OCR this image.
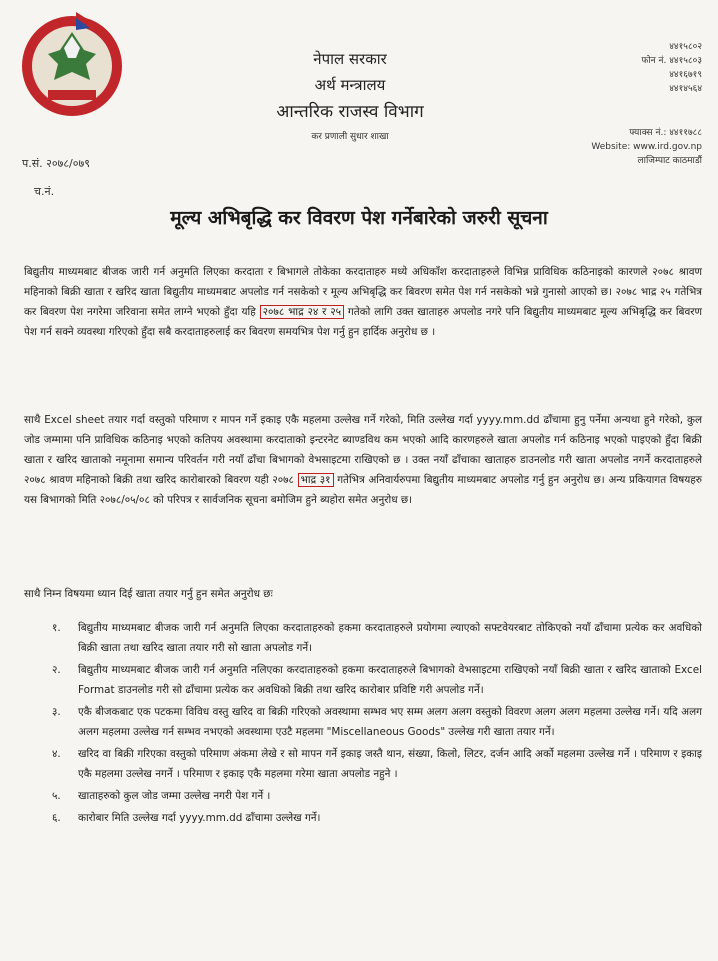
नेपाल सरकार
अर्थ मन्त्रालय
आन्तरिक राजस्व विभाग
कर प्रणाली सुधार शाखा
४४१५८०२
फोन नं. ४४१५८०३
४४१६७१९
४४१४५६४
फ्याक्स नं.: ४४११७८८
Website: www.ird.gov.np
लाजिम्पाट काठमाडौं
प.सं. २०७८/०७९
च.नं.
मूल्य अभिबृद्धि कर विवरण पेश गर्नेबारेको जरुरी सूचना
बिद्युतीय माध्यमबाट बीजक जारी गर्न अनुमति लिएका करदाता र बिभागले तोकेका करदाताहरु मध्ये अधिकाँश करदाताहरुले विभिन्न प्राविधिक कठिनाइको कारणले २०७८ श्रावण महिनाको बिक्री खाता र खरिद खाता बिद्युतीय माध्यमबाट अपलोड गर्न नसकेको र मूल्य अभिबृद्धि कर बिवरण समेत पेश गर्न नसकेको भन्ने गुनासो आएको छ। २०७८ भाद्र २५ गतेभित्र कर बिवरण पेश नगरेमा जरिवाना समेत लाग्ने भएको हुँदा यहि २०७८ भाद्र २४ र २५ गतेको लागि उक्त खाताहरु अपलोड नगरे पनि बिद्युतीय माध्यमबाट मूल्य अभिबृद्धि कर बिवरण पेश गर्न सक्ने व्यवस्था गरिएको हुँदा सबै करदाताहरुलाई कर बिवरण समयभित्र पेश गर्नु हुन हार्दिक अनुरोध छ ।
साथै Excel sheet तयार गर्दा वस्तुको परिमाण र मापन गर्ने इकाइ एकै महलमा उल्लेख गर्ने गरेको, मिति उल्लेख गर्दा yyyy.mm.dd ढाँचामा हुनु पर्नेमा अन्यथा हुने गरेको, कुल जोड जम्मामा पनि प्राविधिक कठिनाइ भएको कतिपय अवस्थामा करदाताको इन्टरनेट ब्याण्डविथ कम भएको आदि कारणहरुले खाता अपलोड गर्न कठिनाइ भएको पाइएको हुँदा बिक्री खाता र खरिद खाताको नमूनामा समान्य परिवर्तन गरी नयाँ ढाँचा बिभागको वेभसाइटमा राखिएको छ । उक्त नयाँ ढाँचाका खाताहरु डाउनलोड गरी खाता अपलोड नगर्ने करदाताहरुले २०७८ श्रावण महिनाको बिक्री तथा खरिद कारोबारको बिवरण यही २०७८ भाद्र ३१ गतेभित्र अनिवार्यरुपमा बिद्युतीय माध्यमबाट अपलोड गर्नु हुन अनुरोध छ। अन्य प्रकियागत विषयहरु यस बिभागको मिति २०७८/०५/०८ को परिपत्र र सार्वजनिक सूचना बमोजिम हुने ब्यहोरा समेत अनुरोध छ।
साथै निम्न विषयमा ध्यान दिई खाता तयार गर्नु हुन समेत अनुरोध छः
१.	बिद्युतीय माध्यमबाट बीजक जारी गर्न अनुमति लिएका करदाताहरुको हकमा करदाताहरुले प्रयोगमा ल्याएको सफ्टवेयरबाट तोकिएको नयाँ ढाँचामा प्रत्येक कर अवधिको बिक्री खाता तथा खरिद खाता तयार गरी सो खाता अपलोड गर्ने।
२.	बिद्युतीय माध्यमबाट बीजक जारी गर्न अनुमति नलिएका करदाताहरुको हकमा करदाताहरुले बिभागको वेभसाइटमा राखिएको नयाँ बिक्री खाता र खरिद खाताको Excel Format डाउनलोड गरी सो ढाँचामा प्रत्येक कर अवधिको बिक्री तथा खरिद कारोबार प्रविष्टि गरी अपलोड गर्ने।
३.	एकै बीजकबाट एक पटकमा विविध वस्तु खरिद वा बिक्री गरिएको अवस्थामा सम्भव भए सम्म अलग अलग वस्तुको विवरण अलग अलग महलमा उल्लेख गर्ने। यदि अलग अलग महलमा उल्लेख गर्न सम्भव नभएको अवस्थामा एउटै महलमा "Miscellaneous Goods" उल्लेख गरी खाता तयार गर्ने।
४.	खरिद वा बिक्री गरिएका वस्तुको परिमाण अंकमा लेखे र सो मापन गर्ने इकाइ जस्तै थान, संख्या, किलो, लिटर, दर्जन आदि अर्को महलमा उल्लेख गर्ने । परिमाण र इकाइ एकै महलमा उल्लेख नगर्ने । परिमाण र इकाइ एकै महलमा गरेमा खाता अपलोड नहुने ।
५.	खाताहरुको कुल जोड जम्मा उल्लेख नगरी पेश गर्ने ।
६.	कारोबार मिति उल्लेख गर्दा yyyy.mm.dd ढाँचामा उल्लेख गर्ने।
